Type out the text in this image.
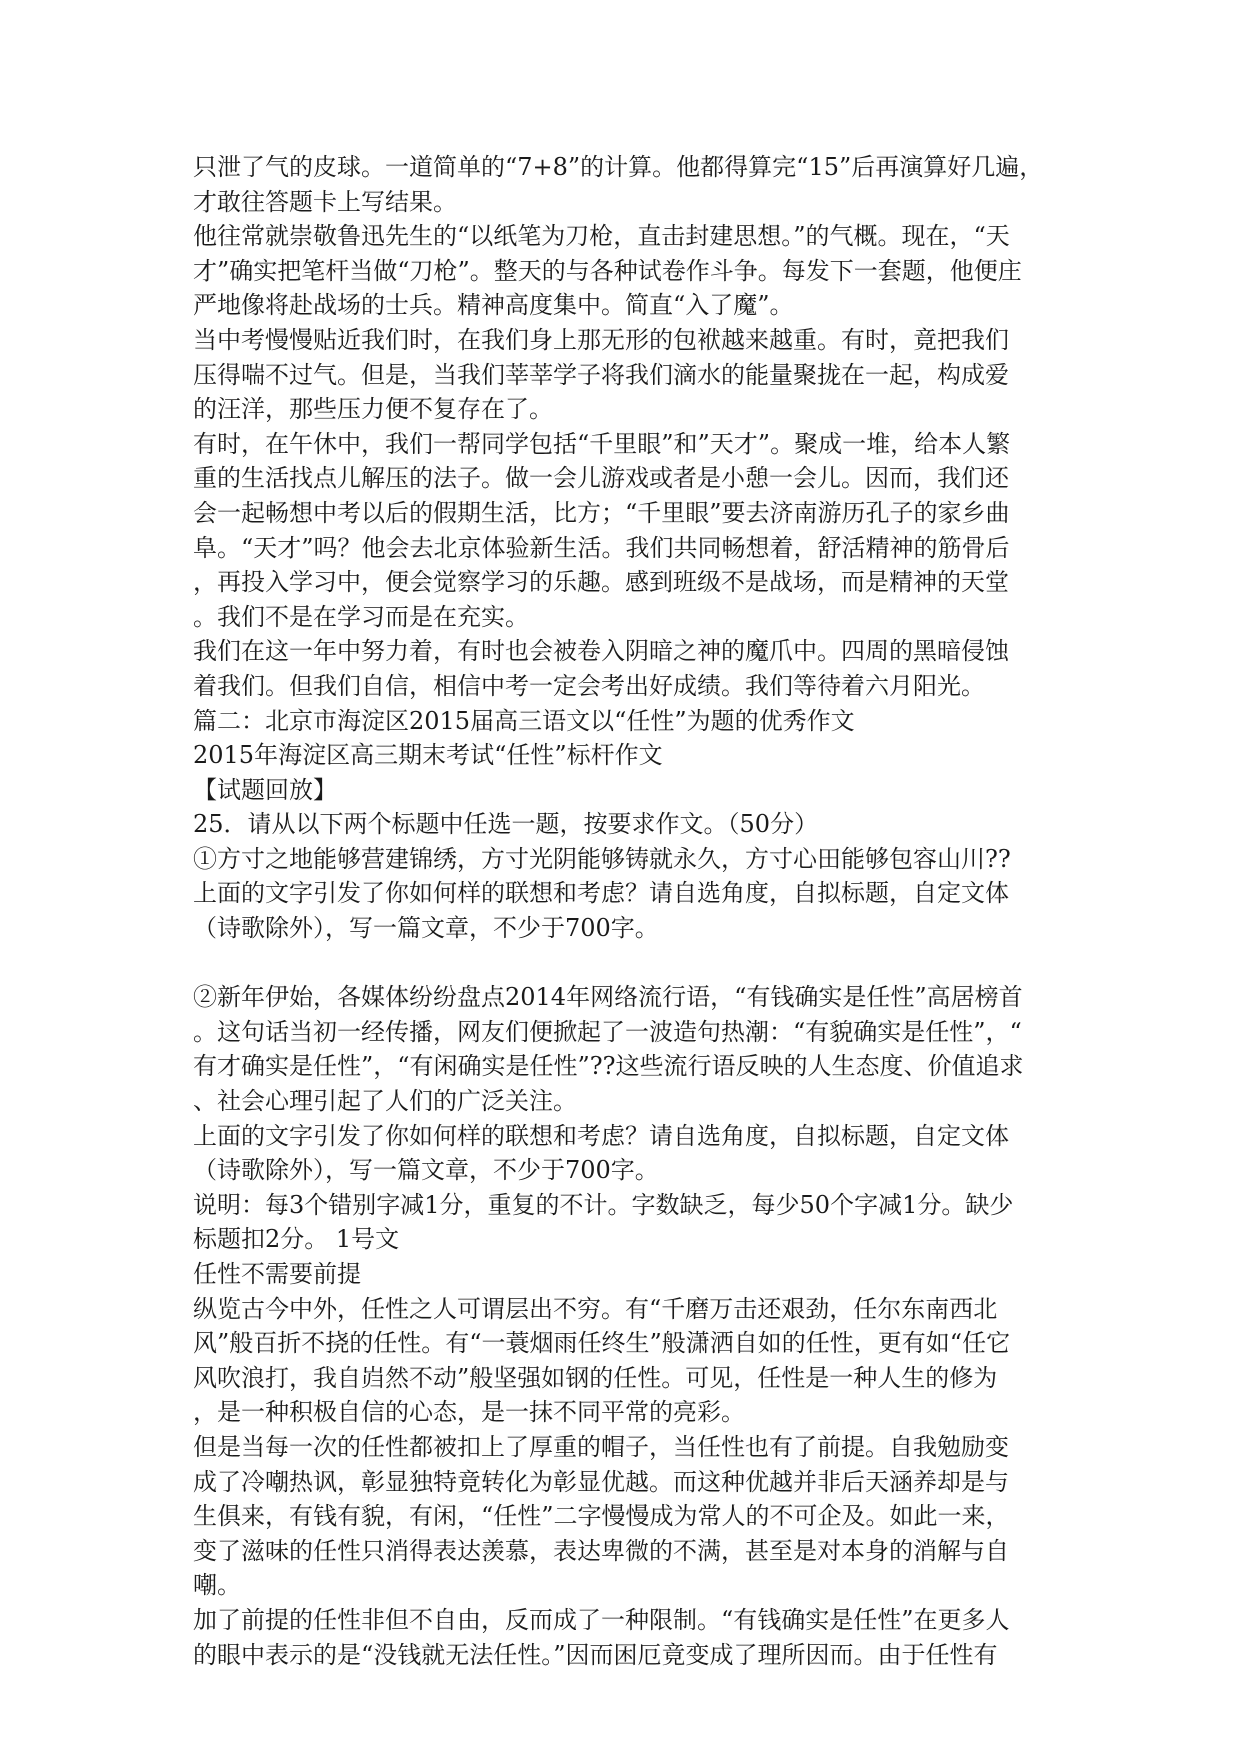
只泄了气的皮球。一道简单的“7+8”的计算。他都得算完“15”后再演算好几遍，
才敢往答题卡上写结果。
他往常就崇敬鲁迅先生的“以纸笔为刀枪，直击封建思想。”的气概。现在，“天
才”确实把笔杆当做“刀枪”。整天的与各种试卷作斗争。每发下一套题，他便庄
严地像将赴战场的士兵。精神高度集中。简直“入了魔”。
当中考慢慢贴近我们时，在我们身上那无形的包袱越来越重。有时，竟把我们
压得喘不过气。但是，当我们莘莘学子将我们滴水的能量聚拢在一起，构成爱
的汪洋，那些压力便不复存在了。
有时，在午休中，我们一帮同学包括“千里眼”和”天才”。聚成一堆，给本人繁
重的生活找点儿解压的法子。做一会儿游戏或者是小憩一会儿。因而，我们还
会一起畅想中考以后的假期生活，比方；“千里眼”要去济南游历孔子的家乡曲
阜。“天才”吗？他会去北京体验新生活。我们共同畅想着，舒活精神的筋骨后
，再投入学习中，便会觉察学习的乐趣。感到班级不是战场，而是精神的天堂
。我们不是在学习而是在充实。
我们在这一年中努力着，有时也会被卷入阴暗之神的魔爪中。四周的黑暗侵蚀
着我们。但我们自信，相信中考一定会考出好成绩。我们等待着六月阳光。
篇二：北京市海淀区2015届高三语文以“任性”为题的优秀作文
2015年海淀区高三期末考试“任性”标杆作文
【试题回放】
25．请从以下两个标题中任选一题，按要求作文。（50分）
①方寸之地能够营建锦绣，方寸光阴能够铸就永久，方寸心田能够包容山川??
上面的文字引发了你如何样的联想和考虑？请自选角度，自拟标题，自定文体
（诗歌除外），写一篇文章，不少于700字。
②新年伊始，各媒体纷纷盘点2014年网络流行语，“有钱确实是任性”高居榜首
。这句话当初一经传播，网友们便掀起了一波造句热潮：“有貌确实是任性”，“
有才确实是任性”，“有闲确实是任性”??这些流行语反映的人生态度、价值追求
、社会心理引起了人们的广泛关注。
上面的文字引发了你如何样的联想和考虑？请自选角度，自拟标题，自定文体
（诗歌除外），写一篇文章，不少于700字。
说明：每3个错别字减1分，重复的不计。字数缺乏，每少50个字减1分。缺少
标题扣2分。 1号文
任性不需要前提
纵览古今中外，任性之人可谓层出不穷。有“千磨万击还艰劲，任尔东南西北
风”般百折不挠的任性。有“一蓑烟雨任终生”般潇洒自如的任性，更有如“任它
风吹浪打，我自岿然不动”般坚强如钢的任性。可见，任性是一种人生的修为
，是一种积极自信的心态，是一抹不同平常的亮彩。
但是当每一次的任性都被扣上了厚重的帽子，当任性也有了前提。自我勉励变
成了冷嘲热讽，彰显独特竟转化为彰显优越。而这种优越并非后天涵养却是与
生俱来，有钱有貌，有闲，“任性”二字慢慢成为常人的不可企及。如此一来，
变了滋味的任性只消得表达羡慕，表达卑微的不满，甚至是对本身的消解与自
嘲。
加了前提的任性非但不自由，反而成了一种限制。“有钱确实是任性”在更多人
的眼中表示的是“没钱就无法任性。”因而困厄竟变成了理所因而。由于任性有
